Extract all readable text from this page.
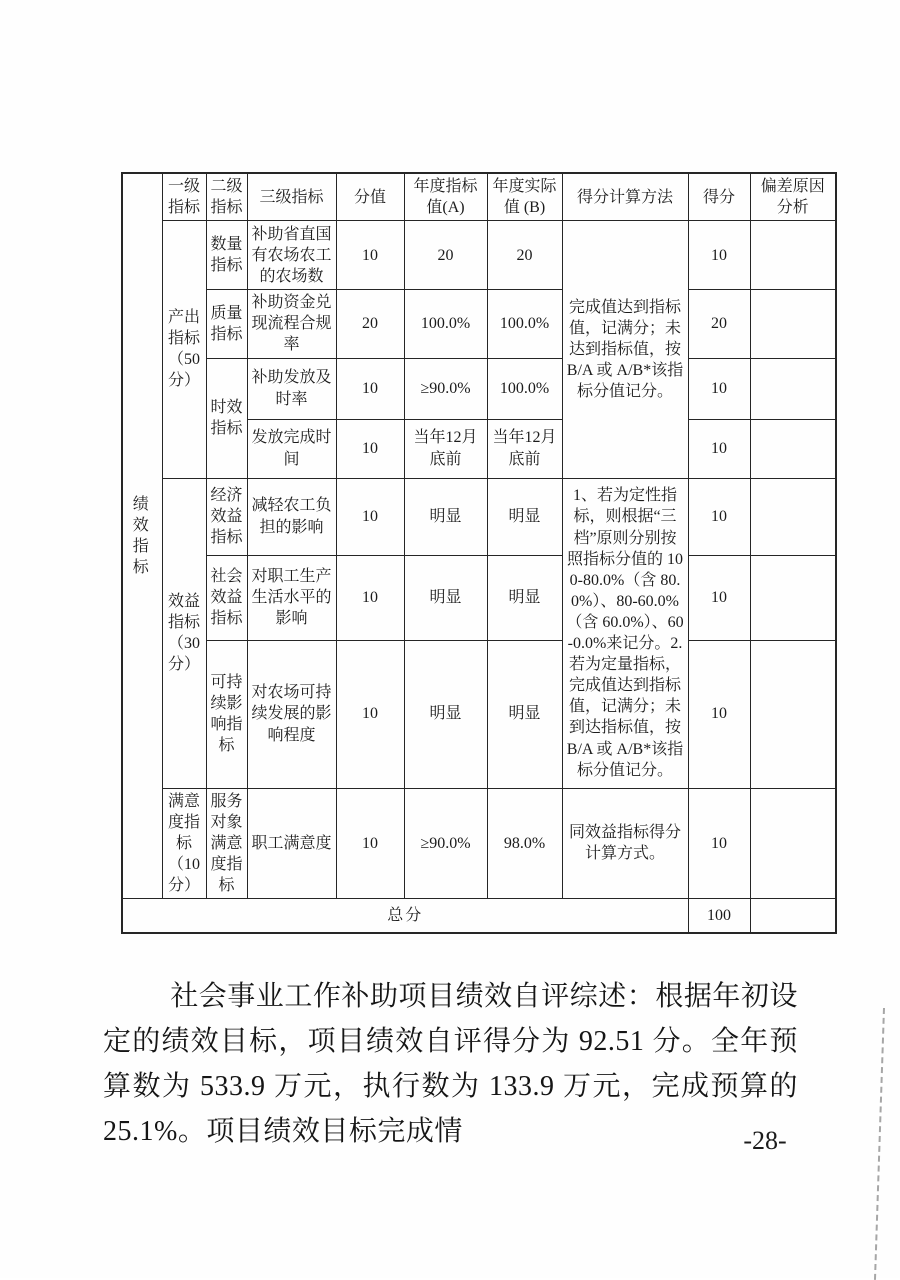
绩效指标	一级指标	二级指标	三级指标	分值	年度指标值(A)	年度实际值 (B)	得分计算方法	得分	偏差原因分析
	产出指标（50分）	数量指标	补助省直国有农场农工的农场数	10	20	20	完成值达到指标值，记满分；未达到指标值，按 B/A 或 A/B*该指标分值记分。	10	
		质量指标	补助资金兑现流程合规率	20	100.0%	100.0%		20	
		时效指标	补助发放及时率	10	≥90.0%	100.0%		10	
			发放完成时间	10	当年12月底前	当年12月底前		10	
	效益指标（30分）	经济效益指标	减轻农工负担的影响	10	明显	明显	1、若为定性指标，则根据“三档”原则分别按照指标分值的 100-80.0%（含 80.0%）、80-60.0%（含 60.0%）、60-0.0%来记分。2.若为定量指标，完成值达到指标值，记满分；未到达指标值，按 B/A 或 A/B*该指标分值记分。	10	
		社会效益指标	对职工生产生活水平的影响	10	明显	明显		10	
		可持续影响指标	对农场可持续发展的影响程度	10	明显	明显		10	
	满意度指标（10分）	服务对象满意度指标	职工满意度	10	≥90.0%	98.0%	同效益指标得分计算方式。	10	
总分								100	
社会事业工作补助项目绩效自评综述：根据年初设定的绩效目标，项目绩效自评得分为 92.51 分。全年预算数为 533.9 万元，执行数为 133.9 万元，完成预算的 25.1%。项目绩效目标完成情	-28-
